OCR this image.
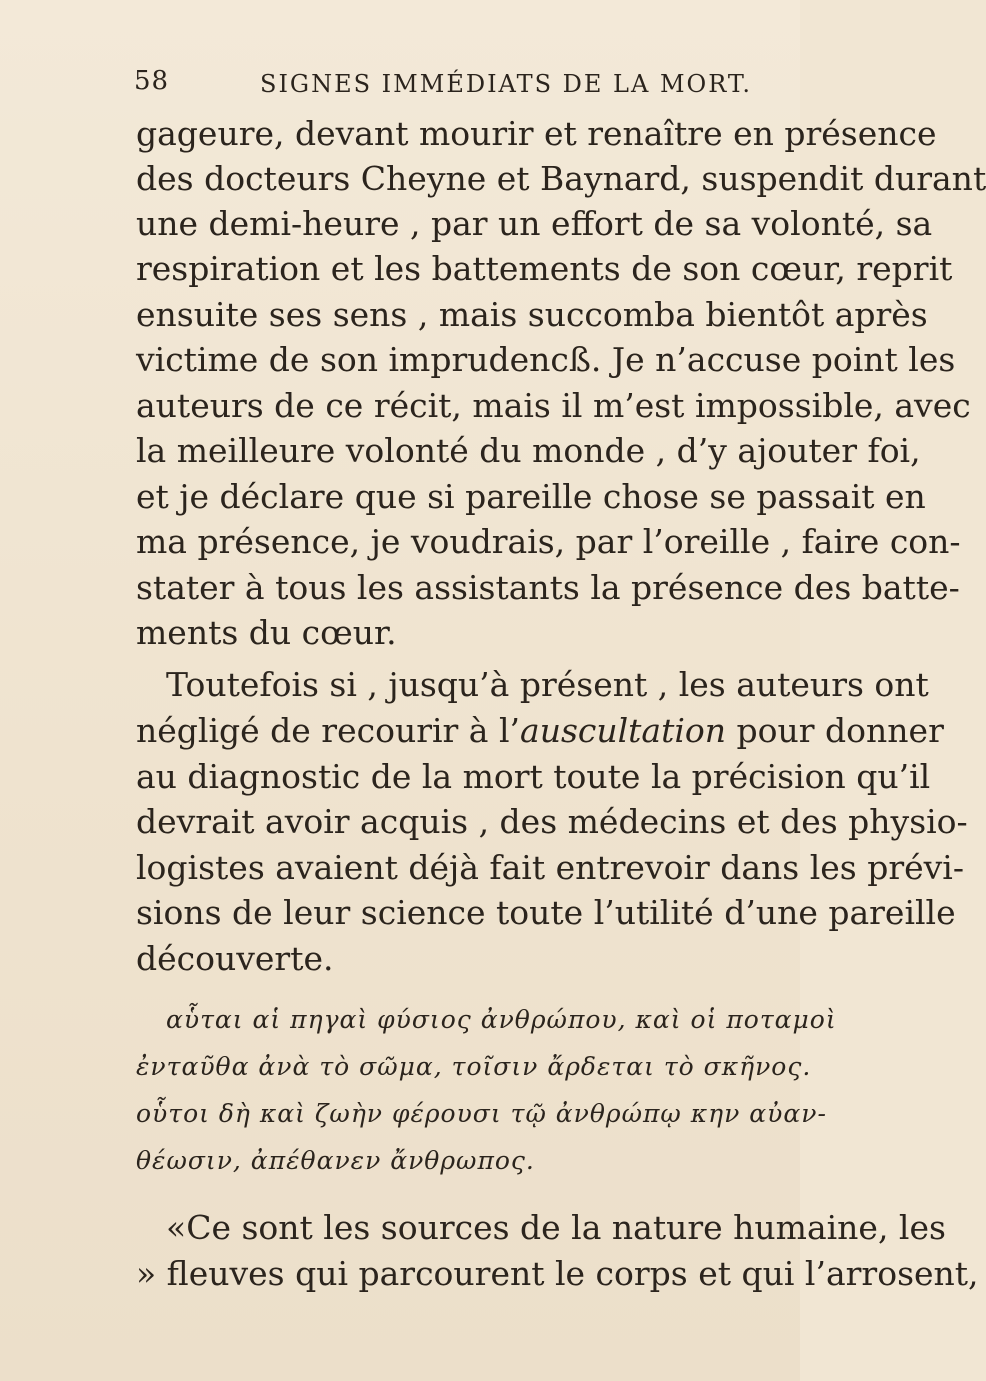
58	SIGNES IMMÉDIATS DE LA MORT.
gageure, devant mourir et renaître en présence
des docteurs Cheyne et Baynard, suspendit durant
une demi-heure , par un effort de sa volonté, sa
respiration et les battements de son cœur, reprit
ensuite ses sens , mais succomba bientôt après
victime de son imprudencß. Je n’accuse point les
auteurs de ce récit, mais il m’est impossible, avec
la meilleure volonté du monde , d’y ajouter foi,
et je déclare que si pareille chose se passait en
ma présence, je voudrais, par l’oreille , faire con-
stater à tous les assistants la présence des batte-
ments du cœur.
Toutefois si , jusqu’à présent , les auteurs ont
négligé de recourir à l’auscultation pour donner
au diagnostic de la mort toute la précision qu’il
devrait avoir acquis , des médecins et des physio-
logistes avaient déjà fait entrevoir dans les prévi-
sions de leur science toute l’utilité d’une pareille
découverte.
αὗται αἱ πηγαὶ φύσιος ἀνθρώπου, καὶ οἱ ποταμοὶ
ἐνταῦθα ἀνὰ τὸ σῶμα, τοῖσιν ἄρδεται τὸ σκῆνος.
οὗτοι δὴ καὶ ζωὴν φέρουσι τῷ ἀνθρώπῳ κην αὐαν-
θέωσιν, ἀπέθανεν ἄνθρωπος.
«Ce sont les sources de la nature humaine, les
» fleuves qui parcourent le corps et qui l’arrosent,
